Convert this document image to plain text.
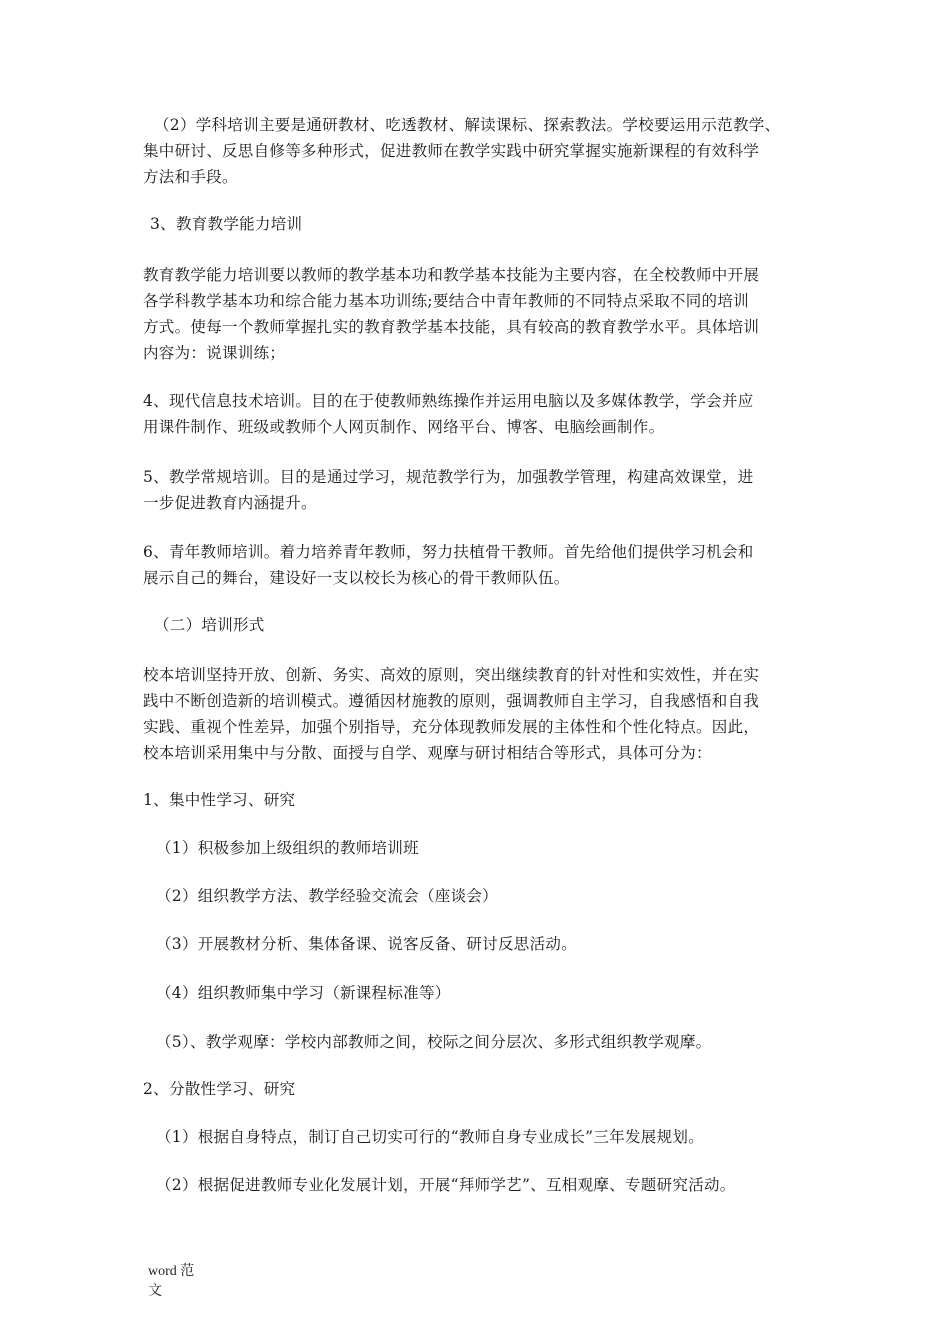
（2）学科培训主要是通研教材、吃透教材、解读课标、探索教法。学校要运用示范教学、
集中研讨、反思自修等多种形式，促进教师在教学实践中研究掌握实施新课程的有效科学
方法和手段。
3、教育教学能力培训
教育教学能力培训要以教师的教学基本功和教学基本技能为主要内容，在全校教师中开展
各学科教学基本功和综合能力基本功训练;要结合中青年教师的不同特点采取不同的培训
方式。使每一个教师掌握扎实的教育教学基本技能，具有较高的教育教学水平。具体培训
内容为：说课训练；
4、现代信息技术培训。目的在于使教师熟练操作并运用电脑以及多媒体教学，学会并应
用课件制作、班级或教师个人网页制作、网络平台、博客、电脑绘画制作。
5、教学常规培训。目的是通过学习，规范教学行为，加强教学管理，构建高效课堂，进
一步促进教育内涵提升。
6、青年教师培训。着力培养青年教师，努力扶植骨干教师。首先给他们提供学习机会和
展示自己的舞台，建设好一支以校长为核心的骨干教师队伍。
（二）培训形式
校本培训坚持开放、创新、务实、高效的原则，突出继续教育的针对性和实效性，并在实
践中不断创造新的培训模式。遵循因材施教的原则，强调教师自主学习，自我感悟和自我
实践、重视个性差异，加强个别指导，充分体现教师发展的主体性和个性化特点。因此，
校本培训采用集中与分散、面授与自学、观摩与研讨相结合等形式，具体可分为：
1、集中性学习、研究
（1）积极参加上级组织的教师培训班
（2）组织教学方法、教学经验交流会（座谈会）
（3）开展教材分析、集体备课、说客反备、研讨反思活动。
（4）组织教师集中学习（新课程标准等）
（5）、教学观摩：学校内部教师之间，校际之间分层次、多形式组织教学观摩。
2、分散性学习、研究
（1）根据自身特点，制订自己切实可行的“教师自身专业成长”三年发展规划。
（2）根据促进教师专业化发展计划，开展“拜师学艺”、互相观摩、专题研究活动。
word 范
文
